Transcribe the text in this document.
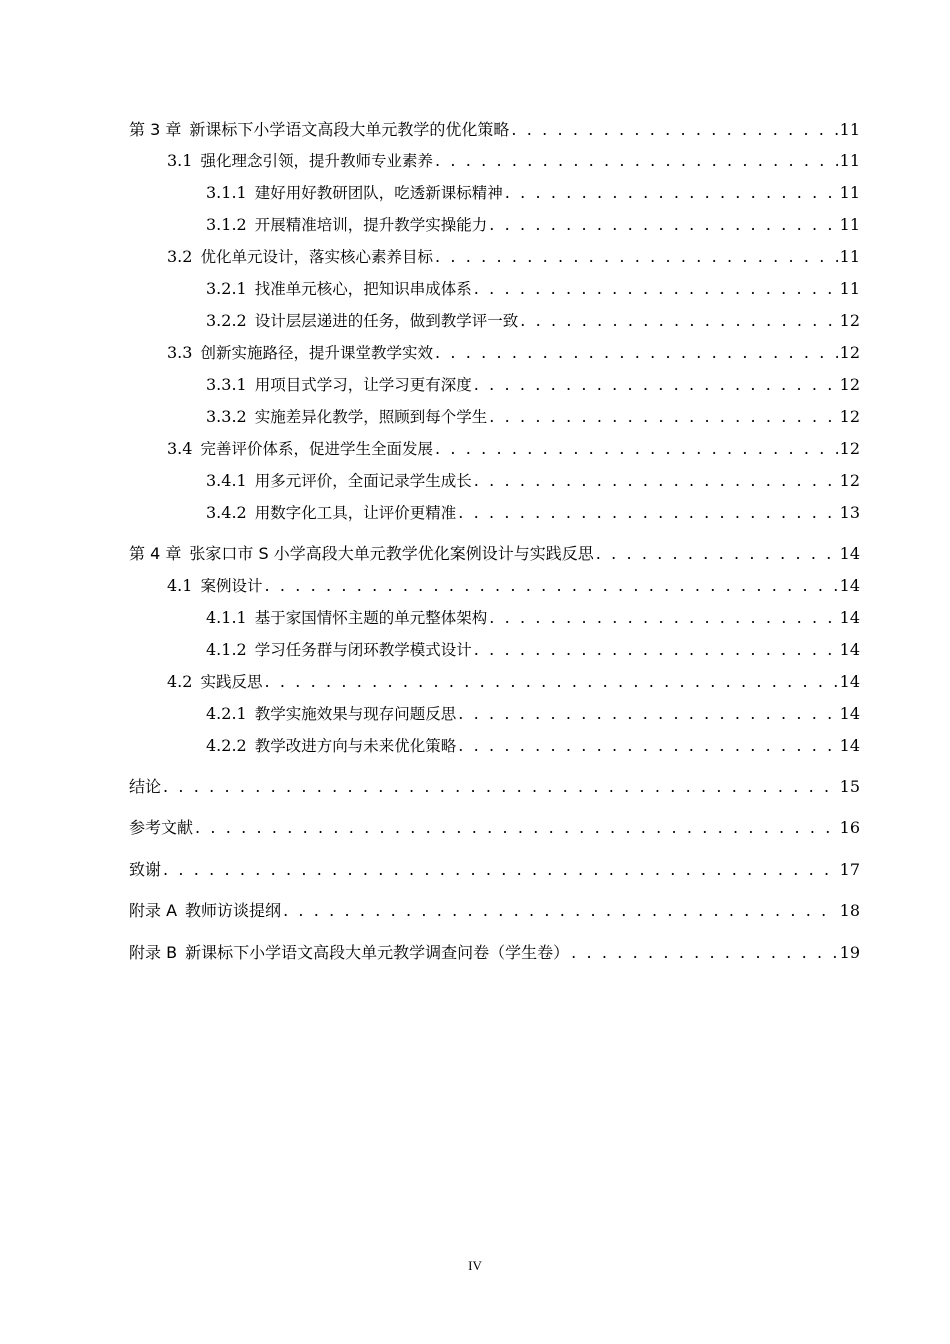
第 3 章 新课标下小学语文高段大单元教学的优化策略 . . .	11
3.1 强化理念引领，提升教师专业素养 . . .	11
3.1.1 建好用好教研团队，吃透新课标精神 . . .	11
3.1.2 开展精准培训，提升教学实操能力 . . .	11
3.2 优化单元设计，落实核心素养目标 . . .	11
3.2.1 找准单元核心，把知识串成体系 . . .	11
3.2.2 设计层层递进的任务，做到教学评一致 . . .	12
3.3 创新实施路径，提升课堂教学实效 . . .	12
3.3.1 用项目式学习，让学习更有深度 . . .	12
3.3.2 实施差异化教学，照顾到每个学生 . . .	12
3.4 完善评价体系，促进学生全面发展 . . .	12
3.4.1 用多元评价，全面记录学生成长 . . .	12
3.4.2 用数字化工具，让评价更精准 . . .	13
第 4 章 张家口市 S 小学高段大单元教学优化案例设计与实践反思 . . .	14
4.1 案例设计 . . .	14
4.1.1 基于家国情怀主题的单元整体架构 . . .	14
4.1.2 学习任务群与闭环教学模式设计 . . .	14
4.2 实践反思 . . .	14
4.2.1 教学实施效果与现存问题反思 . . .	14
4.2.2 教学改进方向与未来优化策略 . . .	14
结论 . . .	15
参考文献 . . .	16
致谢 . . .	17
附录 A 教师访谈提纲 . . .	18
附录 B 新课标下小学语文高段大单元教学调查问卷（学生卷） . . .	19
IV
